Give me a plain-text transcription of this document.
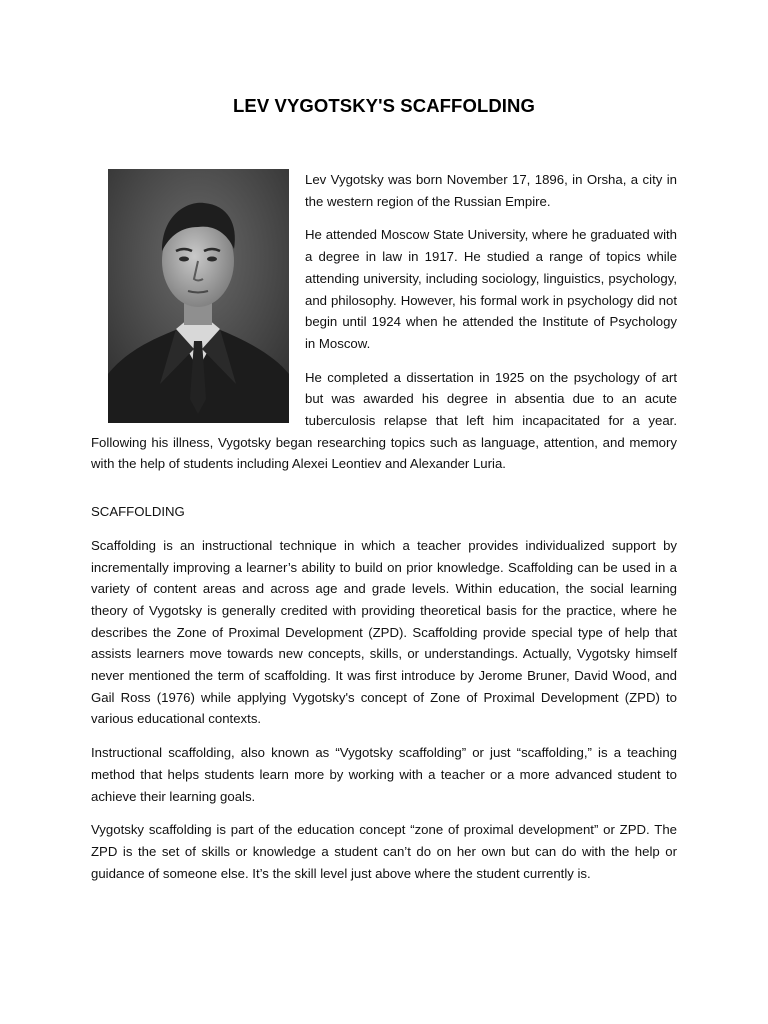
LEV VYGOTSKY'S SCAFFOLDING

Lev Vygotsky was born November 17, 1896, in Orsha, a city in the western region of the Russian Empire.

He attended Moscow State University, where he graduated with a degree in law in 1917. He studied a range of topics while attending university, including sociology, linguistics, psychology, and philosophy. However, his formal work in psychology did not begin until 1924 when he attended the Institute of Psychology in Moscow.

He completed a dissertation in 1925 on the psychology of art but was awarded his degree in absentia due to an acute tuberculosis relapse that left him incapacitated for a year. Following his illness, Vygotsky began researching topics such as language, attention, and memory with the help of students including Alexei Leontiev and Alexander Luria.

SCAFFOLDING

Scaffolding is an instructional technique in which a teacher provides individualized support by incrementally improving a learner’s ability to build on prior knowledge. Scaffolding can be used in a variety of content areas and across age and grade levels. Within education, the social learning theory of Vygotsky is generally credited with providing theoretical basis for the practice, where he describes the Zone of Proximal Development (ZPD). Scaffolding provide special type of help that assists learners move towards new concepts, skills, or understandings. Actually, Vygotsky himself never mentioned the term of scaffolding. It was first introduce by Jerome Bruner, David Wood, and Gail Ross (1976) while applying Vygotsky's concept of Zone of Proximal Development (ZPD) to various educational contexts.

Instructional scaffolding, also known as “Vygotsky scaffolding” or just “scaffolding,” is a teaching method that helps students learn more by working with a teacher or a more advanced student to achieve their learning goals.

Vygotsky scaffolding is part of the education concept “zone of proximal development” or ZPD. The ZPD is the set of skills or knowledge a student can’t do on her own but can do with the help or guidance of someone else. It’s the skill level just above where the student currently is.
